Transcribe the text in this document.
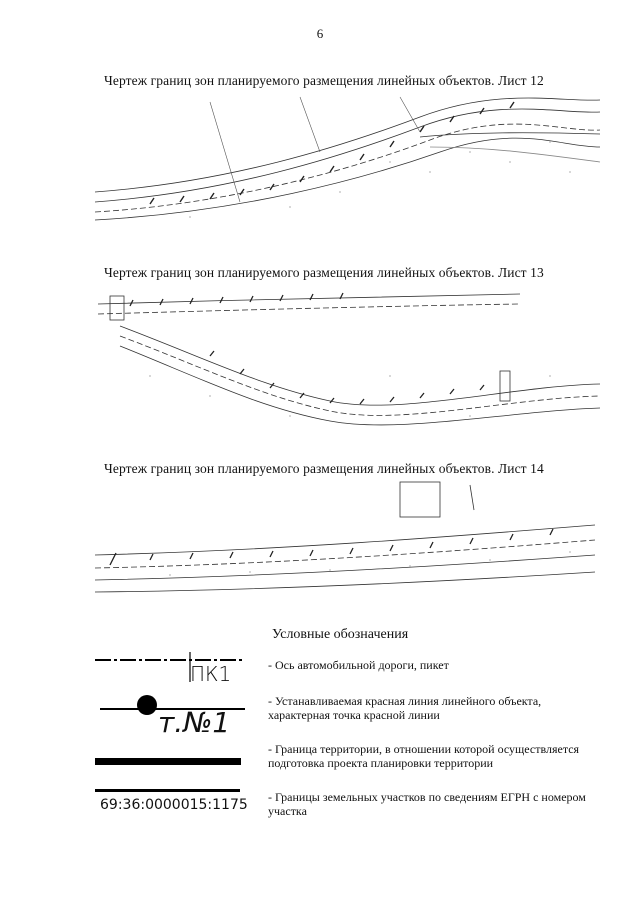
6
Чертеж границ зон планируемого размещения линейных объектов. Лист 12
Чертеж границ зон планируемого размещения линейных объектов. Лист 13
Чертеж границ зон планируемого размещения линейных объектов. Лист 14
Условные обозначения
ПК1	- Ось автомобильной дороги, пикет
т.№1
- Устанавливаемая красная линия линейного объекта, характерная точка красной линии
- Граница территории, в отношении которой осуществляется подготовка проекта планировки территории
69:36:0000015:1175 - Границы земельных участков по сведениям ЕГРН с номером участка
